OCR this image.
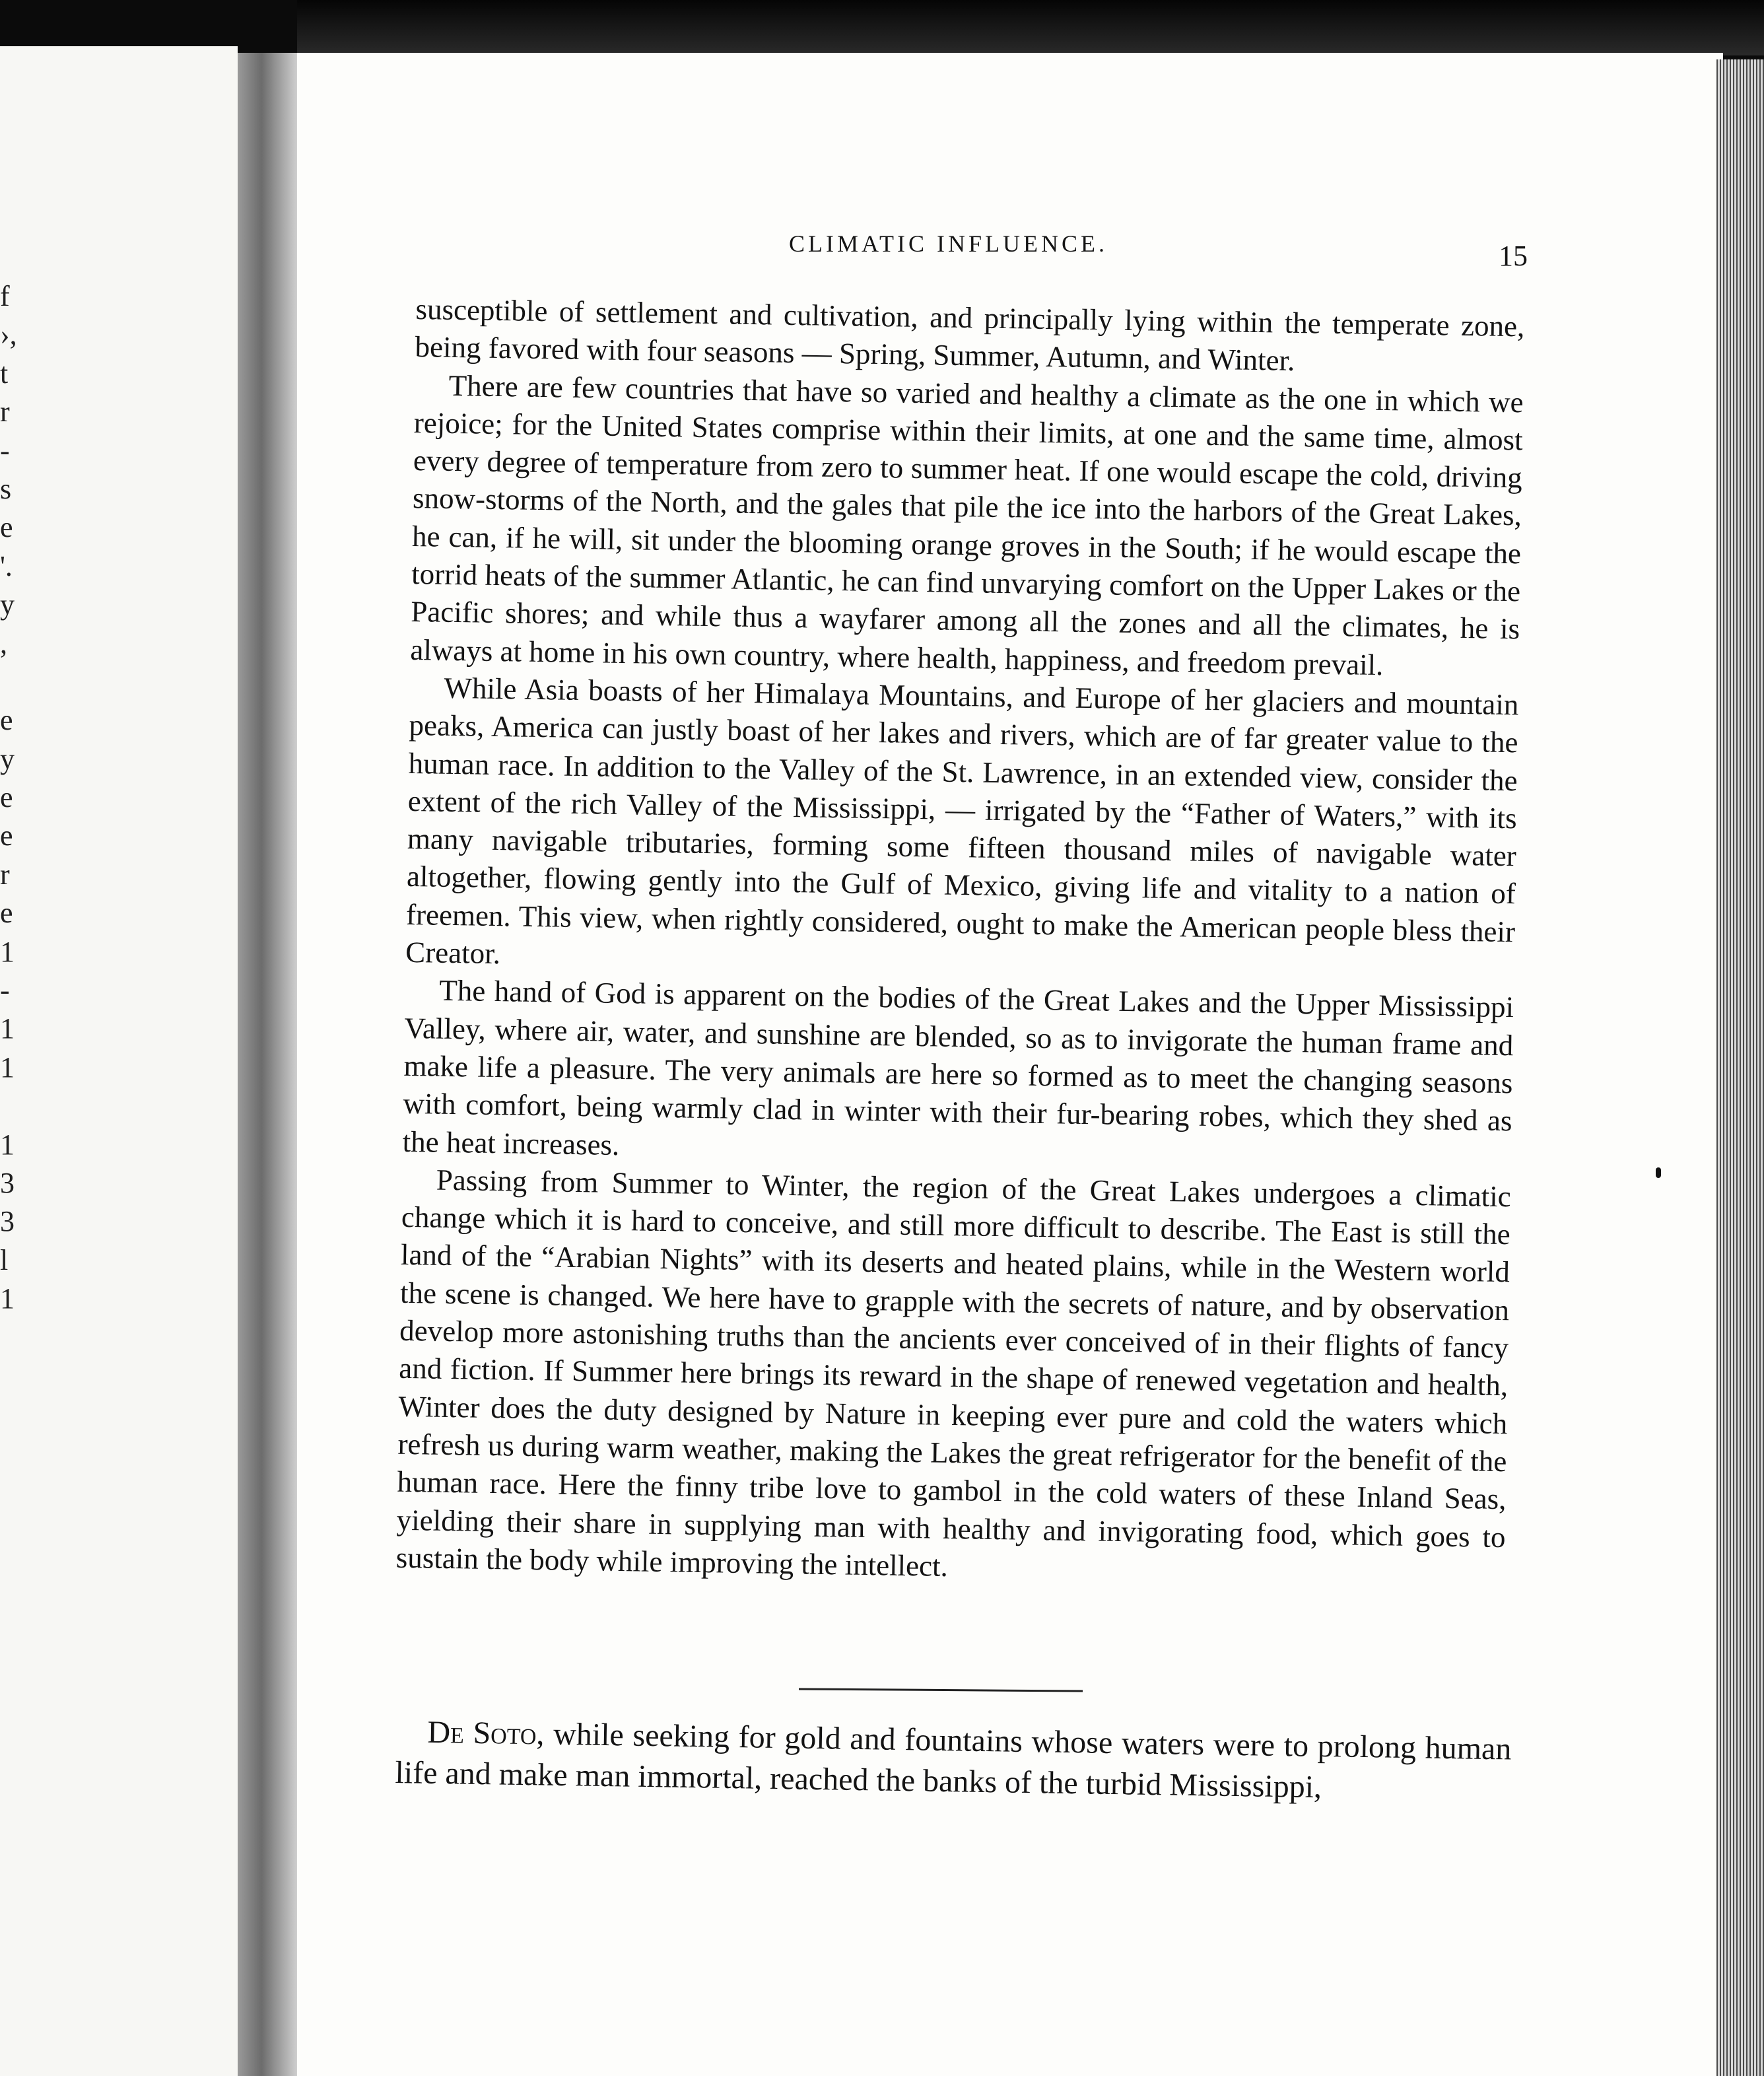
f
›,
t
r
-
s
e
'.
y
,
e
y
e
e
r
e
1
-
1
1
1
3
3
l
1
CLIMATIC INFLUENCE.	15

susceptible of settlement and cultivation, and principally lying within the temperate zone, being favored with four seasons — Spring, Summer, Autumn, and Winter.

There are few countries that have so varied and healthy a climate as the one in which we rejoice; for the United States comprise within their limits, at one and the same time, almost every degree of temperature from zero to summer heat. If one would escape the cold, driving snow-storms of the North, and the gales that pile the ice into the harbors of the Great Lakes, he can, if he will, sit under the blooming orange groves in the South; if he would escape the torrid heats of the summer Atlantic, he can find unvarying comfort on the Upper Lakes or the Pacific shores; and while thus a wayfarer among all the zones and all the climates, he is always at home in his own country, where health, happiness, and freedom prevail.

While Asia boasts of her Himalaya Mountains, and Europe of her glaciers and mountain peaks, America can justly boast of her lakes and rivers, which are of far greater value to the human race. In addition to the Valley of the St. Lawrence, in an extended view, consider the extent of the rich Valley of the Mississippi, — irrigated by the “Father of Waters,” with its many navigable tributaries, forming some fifteen thousand miles of navigable water altogether, flowing gently into the Gulf of Mexico, giving life and vitality to a nation of freemen. This view, when rightly considered, ought to make the American people bless their Creator.

The hand of God is apparent on the bodies of the Great Lakes and the Upper Mississippi Valley, where air, water, and sunshine are blended, so as to invigorate the human frame and make life a pleasure. The very animals are here so formed as to meet the changing seasons with comfort, being warmly clad in winter with their fur-bearing robes, which they shed as the heat increases.

Passing from Summer to Winter, the region of the Great Lakes undergoes a climatic change which it is hard to conceive, and still more difficult to describe. The East is still the land of the “Arabian Nights” with its deserts and heated plains, while in the Western world the scene is changed. We here have to grapple with the secrets of nature, and by observation develop more astonishing truths than the ancients ever conceived of in their flights of fancy and fiction. If Summer here brings its reward in the shape of renewed vegetation and health, Winter does the duty designed by Nature in keeping ever pure and cold the waters which refresh us during warm weather, making the Lakes the great refrigerator for the benefit of the human race. Here the finny tribe love to gambol in the cold waters of these Inland Seas, yielding their share in supplying man with healthy and invigorating food, which goes to sustain the body while improving the intellect.

De Soto, while seeking for gold and fountains whose waters were to prolong human life and make man immortal, reached the banks of the turbid Mississippi,
